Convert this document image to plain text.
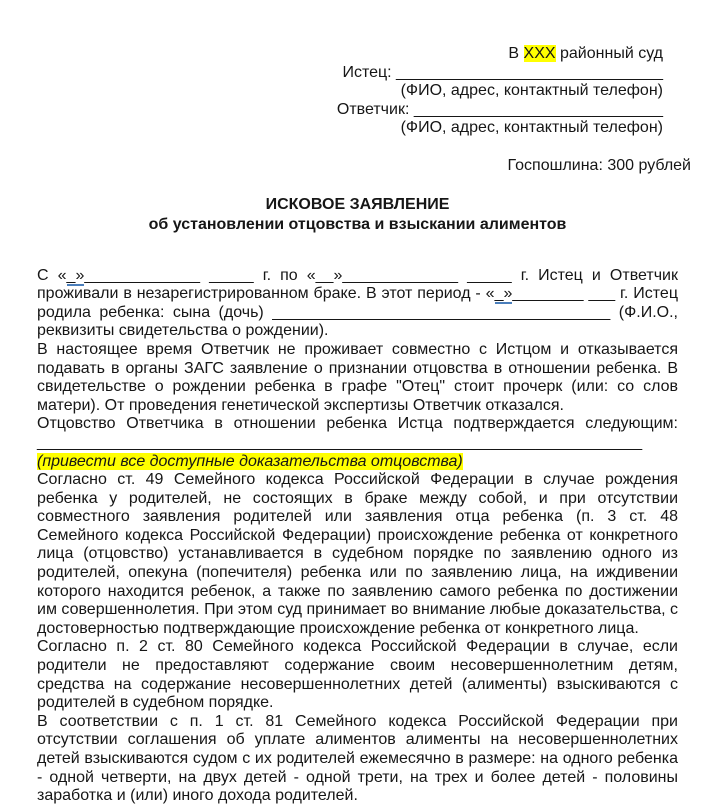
В XXX районный суд
Истец: ______________________________
(ФИО, адрес, контактный телефон)
Ответчик: ____________________________
(ФИО, адрес, контактный телефон)
Госпошлина: 300 рублей
ИСКОВОЕ ЗАЯВЛЕНИЕ
об установлении отцовства и взыскании алиментов

С «_»_____________ _____ г. по «__»_____________ _____ г. Истец и Ответчик проживали в незарегистрированном браке. В этот период - «_»________ ___ г. Истец родила ребенка: сына (дочь) ______________________________________ (Ф.И.О., реквизиты свидетельства о рождении).

В настоящее время Ответчик не проживает совместно с Истцом и отказывается подавать в органы ЗАГС заявление о признании отцовства в отношении ребенка. В свидетельстве о рождении ребенка в графе "Отец" стоит прочерк (или: со слов матери). От проведения генетической экспертизы Ответчик отказался.

Отцовство Ответчика в отношении ребенка Истца подтверждается следующим: ____________________________________________________________________

(привести все доступные доказательства отцовства)

Согласно ст. 49 Семейного кодекса Российской Федерации в случае рождения ребенка у родителей, не состоящих в браке между собой, и при отсутствии совместного заявления родителей или заявления отца ребенка (п. 3 ст. 48 Семейного кодекса Российской Федерации) происхождение ребенка от конкретного лица (отцовство) устанавливается в судебном порядке по заявлению одного из родителей, опекуна (попечителя) ребенка или по заявлению лица, на иждивении которого находится ребенок, а также по заявлению самого ребенка по достижении им совершеннолетия. При этом суд принимает во внимание любые доказательства, с достоверностью подтверждающие происхождение ребенка от конкретного лица.

Согласно п. 2 ст. 80 Семейного кодекса Российской Федерации в случае, если родители не предоставляют содержание своим несовершеннолетним детям, средства на содержание несовершеннолетних детей (алименты) взыскиваются с родителей в судебном порядке.

В соответствии с п. 1 ст. 81 Семейного кодекса Российской Федерации при отсутствии соглашения об уплате алиментов алименты на несовершеннолетних детей взыскиваются судом с их родителей ежемесячно в размере: на одного ребенка - одной четверти, на двух детей - одной трети, на трех и более детей - половины заработка и (или) иного дохода родителей.
